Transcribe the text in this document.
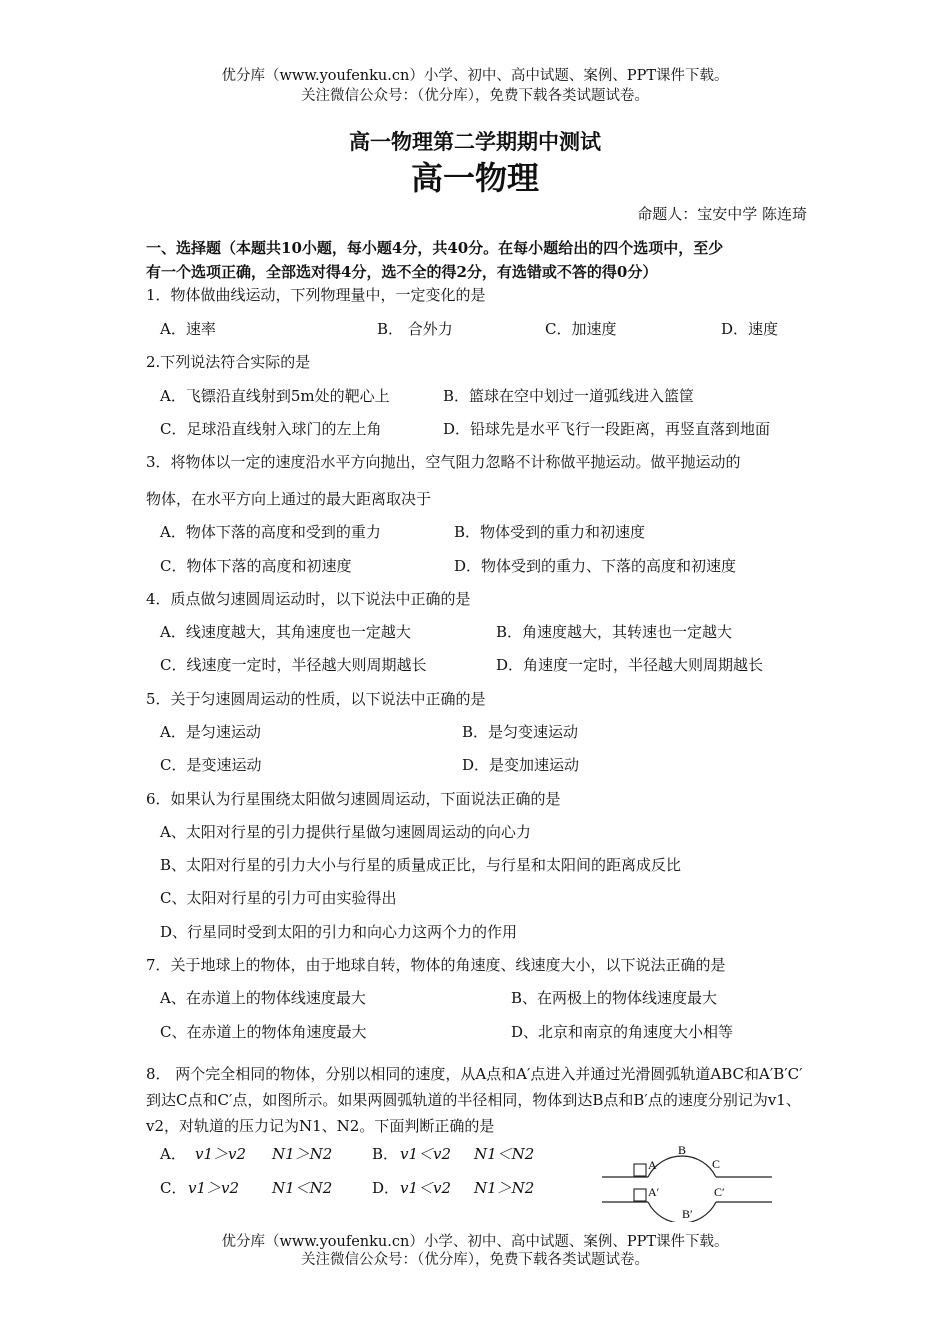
优分库（www.youfenku.cn）小学、初中、高中试题、案例、PPT课件下载。
关注微信公众号：（优分库），免费下载各类试题试卷。
高一物理第二学期期中测试
高一物理
命题人：宝安中学 陈连琦
一、选择题（本题共10小题，每小题4分，共40分。在每小题给出的四个选项中，至少
有一个选项正确，全部选对得4分，选不全的得2分，有选错或不答的得0分）
1．物体做曲线运动，下列物理量中，一定变化的是
A．速率	B． 合外力	C．加速度	D．速度
2.下列说法符合实际的是
A．飞镖沿直线射到5m处的靶心上	B．篮球在空中划过一道弧线进入篮筐
C．足球沿直线射入球门的左上角	D．铅球先是水平飞行一段距离，再竖直落到地面
3．将物体以一定的速度沿水平方向抛出，空气阻力忽略不计称做平抛运动。做平抛运动的
物体，在水平方向上通过的最大距离取决于
A．物体下落的高度和受到的重力	B．物体受到的重力和初速度
C．物体下落的高度和初速度	D．物体受到的重力、下落的高度和初速度
4．质点做匀速圆周运动时，以下说法中正确的是
A．线速度越大，其角速度也一定越大	B．角速度越大，其转速也一定越大
C．线速度一定时，半径越大则周期越长	D．角速度一定时，半径越大则周期越长
5．关于匀速圆周运动的性质，以下说法中正确的是
A．是匀速运动	B．是匀变速运动
C．是变速运动	D．是变加速运动
6．如果认为行星围绕太阳做匀速圆周运动，下面说法正确的是
A、太阳对行星的引力提供行星做匀速圆周运动的向心力
B、太阳对行星的引力大小与行星的质量成正比，与行星和太阳间的距离成反比
C、太阳对行星的引力可由实验得出
D、行星同时受到太阳的引力和向心力这两个力的作用
7．关于地球上的物体，由于地球自转，物体的角速度、线速度大小，以下说法正确的是
A、在赤道上的物体线速度最大	B、在两极上的物体线速度最大
C、在赤道上的物体角速度最大	D、北京和南京的角速度大小相等
8． 两个完全相同的物体，分别以相同的速度，从A点和A′点进入并通过光滑圆弧轨道ABC和A′B′C′到达C点和C′点，如图所示。如果两圆弧轨道的半径相同，物体到达B点和B′点的速度分别记为v1、v2，对轨道的压力记为N1、N2。下面判断正确的是
A． v1＞v2 N1＞N2	B． v1＜v2 N1＜N2
C． v1＞v2 N1＜N2	D． v1＜v2 N1＞N2
A
B
C
A′
B′
C′
优分库（www.youfenku.cn）小学、初中、高中试题、案例、PPT课件下载。
关注微信公众号：（优分库），免费下载各类试题试卷。
